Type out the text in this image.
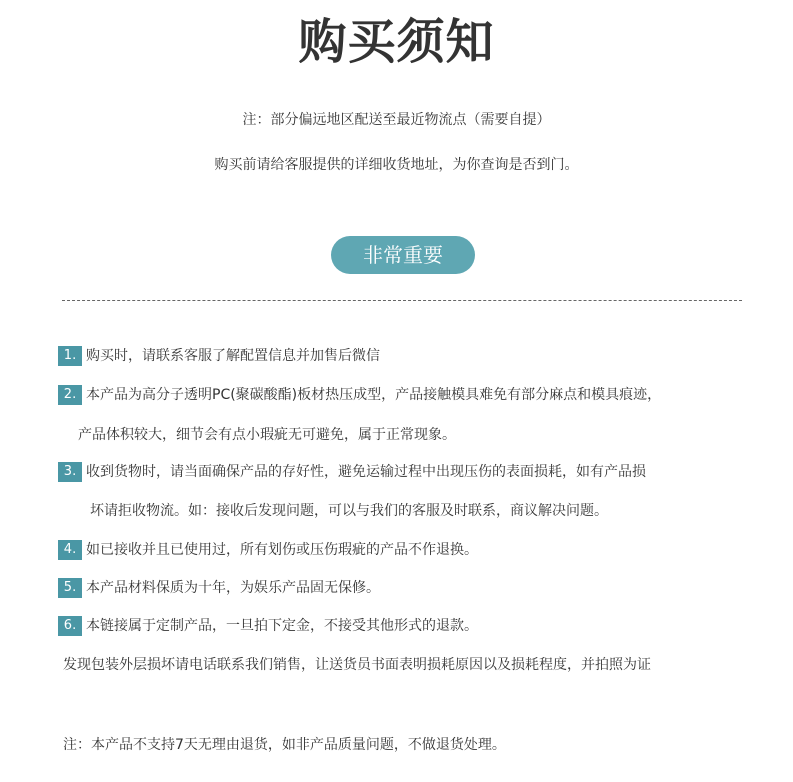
购买须知
注：部分偏远地区配送至最近物流点（需要自提）
购买前请给客服提供的详细收货地址，为你查询是否到门。
非常重要
1. 购买时，请联系客服了解配置信息并加售后微信
2. 本产品为高分子透明PC(聚碳酸酯)板材热压成型，产品接触模具难免有部分麻点和模具痕迹，
产品体积较大，细节会有点小瑕疵无可避免，属于正常现象。
3. 收到货物时，请当面确保产品的存好性，避免运输过程中出现压伤的表面损耗，如有产品损
坏请拒收物流。如：接收后发现问题，可以与我们的客服及时联系，商议解决问题。
4. 如已接收并且已使用过，所有划伤或压伤瑕疵的产品不作退换。
5. 本产品材料保质为十年，为娱乐产品固无保修。
6. 本链接属于定制产品，一旦拍下定金，不接受其他形式的退款。
发现包装外层损坏请电话联系我们销售，让送货员书面表明损耗原因以及损耗程度，并拍照为证
注：本产品不支持7天无理由退货，如非产品质量问题，不做退货处理。
